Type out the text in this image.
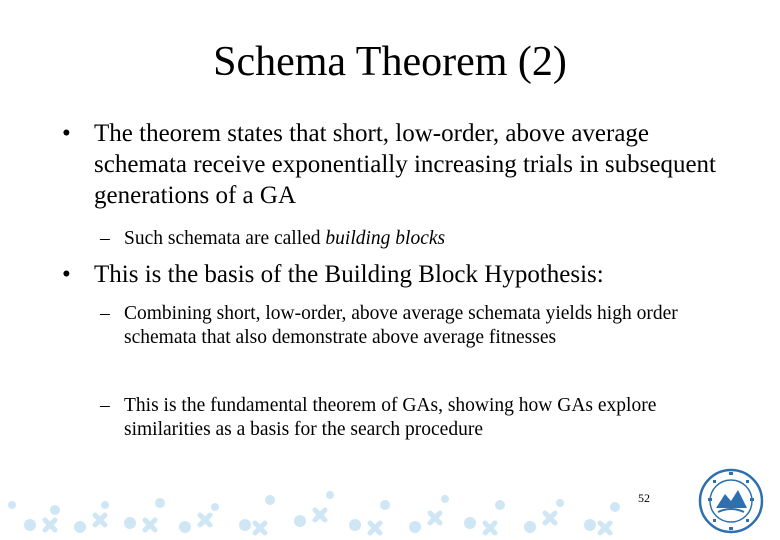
Schema Theorem (2)
• The theorem states that short, low-order, above average schemata receive exponentially increasing trials in subsequent generations of a GA
– Such schemata are called building blocks
• This is the basis of the Building Block Hypothesis:
– Combining short, low-order, above average schemata yields high order schemata that also demonstrate above average fitnesses
– This is the fundamental theorem of GAs, showing how GAs explore similarities as a basis for the search procedure
52
